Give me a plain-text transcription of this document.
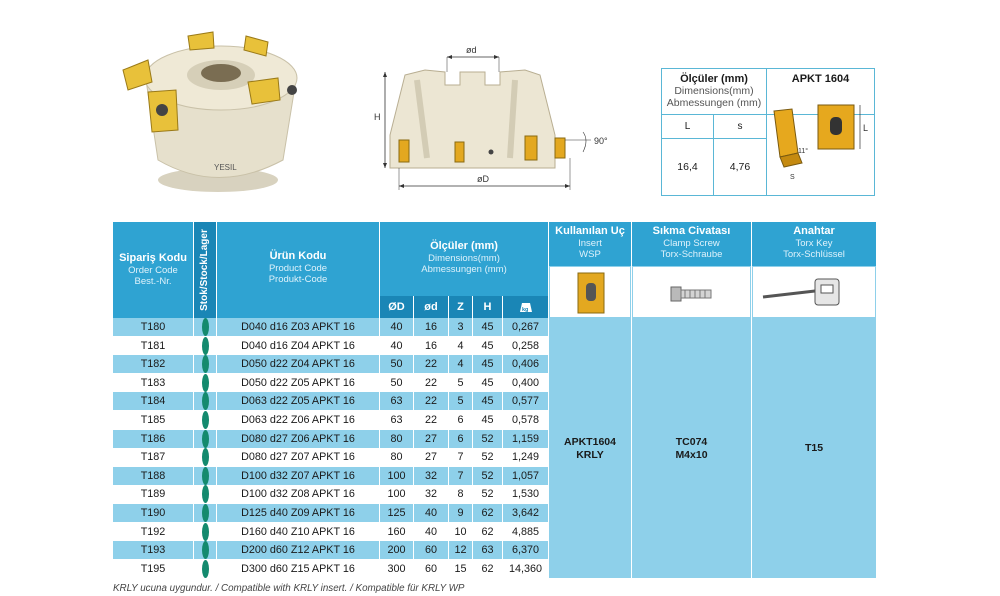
YESIL
ød
H
øD
90°
Ölçüler (mm)
Dimensions(mm)
Abmessungen (mm)
APKT 1604
L	s
16,4	4,76
L
S
11°
Sipariş Kodu
Order Code
Best.-Nr.	Stok/Stock/Lager	Ürün Kodu
Product Code
Produkt-Code
Ölçüler (mm)
Dimensions(mm)
Abmessungen (mm)
Kullanılan Uç
Insert
WSP
Sıkma Civatası
Clamp Screw
Torx-Schraube
Anahtar
Torx Key
Torx-Schlüssel
ØD	ød	Z	H	kg
T180	D040 d16 Z03 APKT 16	40	16	3	45	0,267
T181	D040 d16 Z04 APKT 16	40	16	4	45	0,258
T182	D050 d22 Z04 APKT 16	50	22	4	45	0,406
T183	D050 d22 Z05 APKT 16	50	22	5	45	0,400
T184	D063 d22 Z05 APKT 16	63	22	5	45	0,577
T185	D063 d22 Z06 APKT 16	63	22	6	45	0,578
T186	D080 d27 Z06 APKT 16	80	27	6	52	1,159
T187	D080 d27 Z07 APKT 16	80	27	7	52	1,249
T188	D100 d32 Z07 APKT 16	100	32	7	52	1,057
T189	D100 d32 Z08 APKT 16	100	32	8	52	1,530
T190	D125 d40 Z09 APKT 16	125	40	9	62	3,642
T192	D160 d40 Z10 APKT 16	160	40	10	62	4,885
T193	D200 d60 Z12 APKT 16	200	60	12	63	6,370
T195	D300 d60 Z15 APKT 16	300	60	15	62	14,360
APKT1604
KRLY
TC074
M4x10
T15
KRLY ucuna uygundur. / Compatible with KRLY insert. / Kompatible für KRLY WP
